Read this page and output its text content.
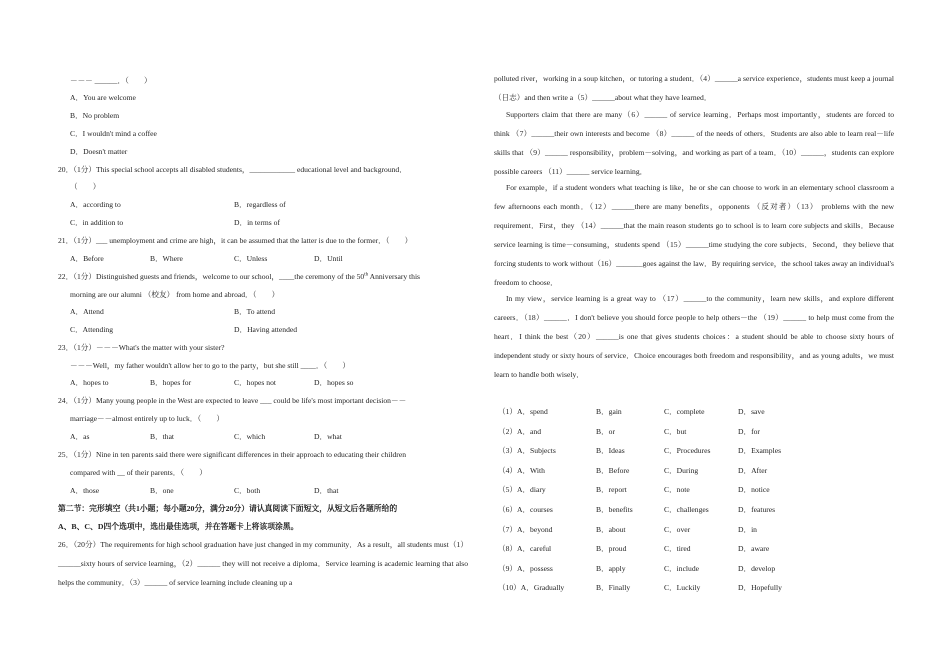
－－－ ______．（　　）
A．You are welcome
B．No problem
C．I wouldn't mind a coffee
D．Doesn't matter
20．（1分）This special school accepts all disabled students，____________ educational level and background．
（　　）
A．according to	B．regardless of
C．in addition to	D．in terms of
21．（1分）___ unemployment and crime are high，it can be assumed that the latter is due to the former．（　　）
A．Before	B．Where	C．Unless	D．Until
22．（1分）Distinguished guests and friends，welcome to our school，____the ceremony of the 50th Anniversary this
morning are our alumni （校友） from home and abroad．（　　）
A．Attend	B．To attend
C．Attending	D．Having attended
23．（1分）－－－What's the matter with your sister?
－－－Well，my father wouldn't allow her to go to the party，but she still ____．（　　）
A．hopes to	B．hopes for	C．hopes not	D．hopes so
24．（1分）Many young people in the West are expected to leave ___ could be life's most important decision－－
marriage－－almost entirely up to luck．（　　）
A．as	B．that	C．which	D．what
25．（1分）Nine in ten parents said there were significant differences in their approach to educating their children
compared with __ of their parents．（　　）
A．those	B．one	C．both	D．that
第二节：完形填空（共1小题；每小题20分，满分20分）请认真阅读下面短文，从短文后各题所给的
A、B、C、D四个选项中，选出最佳选项，并在答题卡上将该项涂黑。
26．（20分）The requirements for high school graduation have just changed in my community．As a result，all students must（1）______sixty hours of service learning，（2）______ they will not receive a diploma．Service learning is academic learning that also helps the community．（3）______ of service learning include cleaning up a
polluted river，working in a soup kitchen，or tutoring a student．（4）______a service experience，students must keep a journal（日志）and then write a（5）______about what they have learned．
Supporters claim that there are many（6）______ of service learning．Perhaps most importantly，students are forced to think （7）______their own interests and become （8）______ of the needs of others．Students are also able to learn real－life skills that （9）______ responsibility，problem－solving，and working as part of a team．（10）______，students can explore possible careers （11）______ service learning．
For example，if a student wonders what teaching is like，he or she can choose to work in an elementary school classroom a few afternoons each month．（12）______there are many benefits，opponents （反对者）（13） problems with the new requirement．First，they （14）______that the main reason students go to school is to learn core subjects and skills．Because service learning is time－consuming，students spend （15）______time studying the core subjects．Second，they believe that forcing students to work without（16）_______goes against the law．By requiring service，the school takes away an individual's freedom to choose．
In my view，service learning is a great way to （17）______to the community，learn new skills，and explore different careers．（18）______．I don't believe you should force people to help others－the （19）______ to help must come from the heart．I think the best（20）______is one that gives students choices：a student should be able to choose sixty hours of independent study or sixty hours of service．Choice encourages both freedom and responsibility，and as young adults，we must learn to handle both wisely．
（1）A．spend	B．gain	C．complete	D．save
（2）A．and	B．or	C．but	D．for
（3）A．Subjects	B．Ideas	C．Procedures	D．Examples
（4）A．With	B．Before	C．During	D．After
（5）A．diary	B．report	C．note	D．notice
（6）A．courses	B．benefits	C．challenges	D．features
（7）A．beyond	B．about	C．over	D．in
（8）A．careful	B．proud	C．tired	D．aware
（9）A．possess	B．apply	C．include	D．develop
（10）A．Gradually	B．Finally	C．Luckily	D．Hopefully
